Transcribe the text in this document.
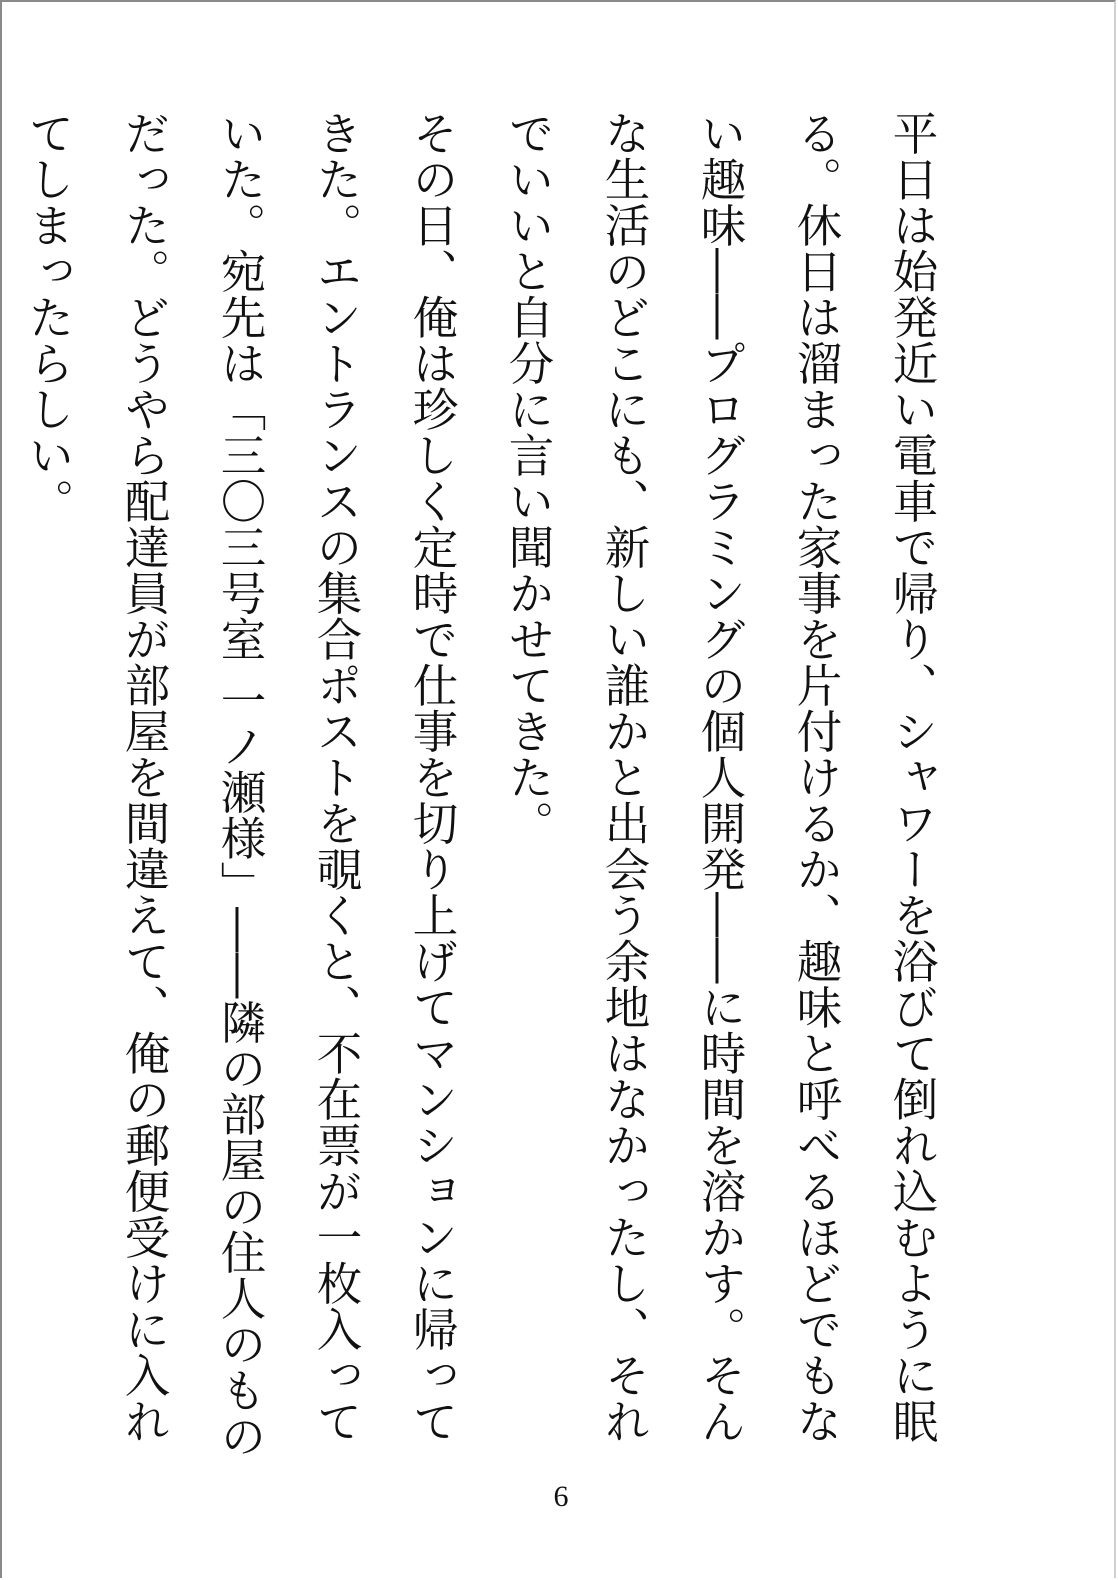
平日は始発近い電車で帰り、シャワーを浴びて倒れ込むように眠る。休日は溜まった家事を片付けるか、趣味と呼べるほどでもない趣味――プログラミングの個人開発――に時間を溶かす。そんな生活のどこにも、新しい誰かと出会う余地はなかったし、それでいいと自分に言い聞かせてきた。

その日、俺は珍しく定時で仕事を切り上げてマンションに帰ってきた。エントランスの集合ポストを覗くと、不在票が一枚入っていた。宛先は「三〇三号室 一ノ瀬様」――隣の部屋の住人のものだった。どうやら配達員が部屋を間違えて、俺の郵便受けに入れてしまったらしい。

6
